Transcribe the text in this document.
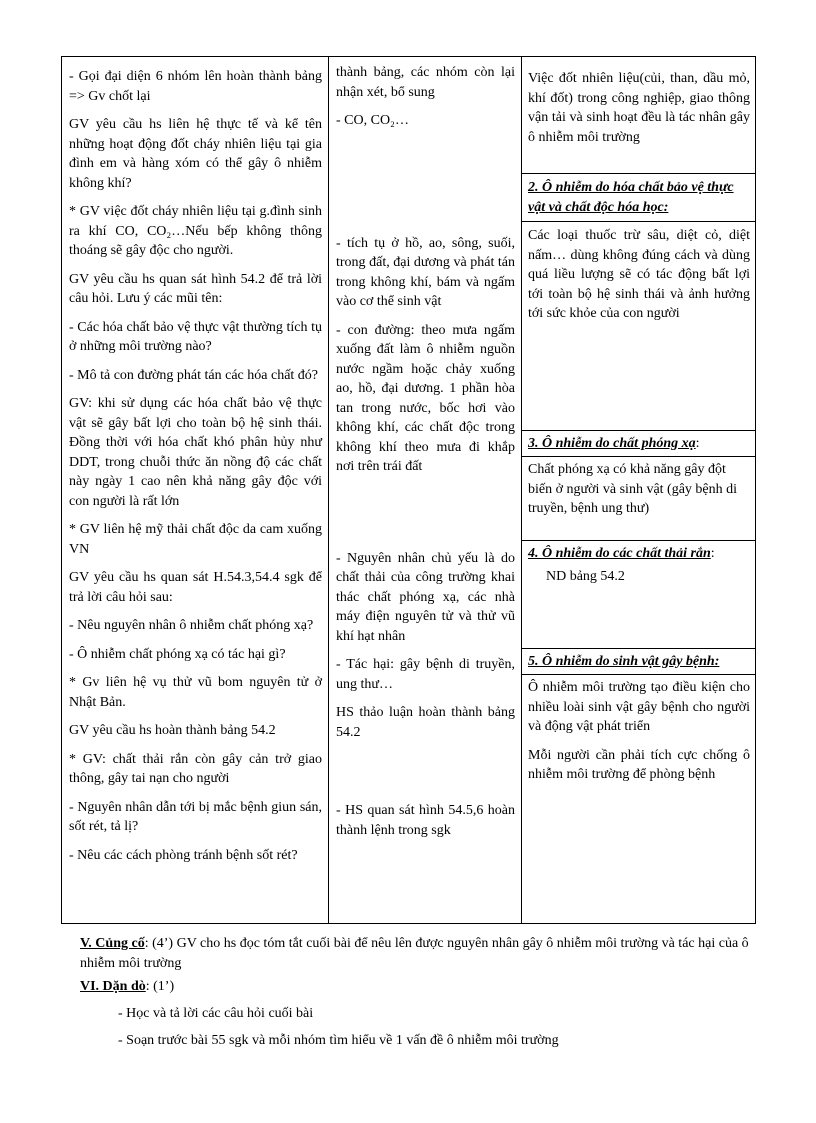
- Gọi đại diện 6 nhóm lên hoàn thành bảng => Gv chốt lại

GV yêu cầu hs liên hệ thực tế và kể tên những hoạt động đốt cháy nhiên liệu tại gia đình em và hàng xóm có thể gây ô nhiễm không khí?

* GV việc đốt cháy nhiên liệu tại g.đình sinh ra khí CO, CO₂…Nếu bếp không thông thoáng sẽ gây độc cho người.

GV yêu cầu hs quan sát hình 54.2 để trả lời câu hỏi. Lưu ý các mũi tên:

- Các hóa chất bảo vệ thực vật thường tích tụ ở những môi trường nào?

- Mô tả con đường phát tán các hóa chất đó?

GV: khi sử dụng các hóa chất bảo vệ thực vật sẽ gây bất lợi cho toàn bộ hệ sinh thái. Đồng thời với hóa chất khó phân hủy như DDT, trong chuỗi thức ăn nồng độ các chất này ngày 1 cao nên khả năng gây độc với con người là rất lớn

* GV liên hệ mỹ thải chất độc da cam xuống VN

GV yêu cầu hs quan sát H.54.3,54.4 sgk để trả lời câu hỏi sau:

- Nêu nguyên nhân ô nhiễm chất phóng xạ?

- Ô nhiễm chất phóng xạ có tác hại gì?

* Gv liên hệ vụ thử vũ bom nguyên tử ở Nhật Bản.

GV yêu cầu hs hoàn thành bảng 54.2

* GV: chất thải rắn còn gây cản trở giao thông, gây tai nạn cho người

- Nguyên nhân dẫn tới bị mắc bệnh giun sán, sốt rét, tả lị?

- Nêu các cách phòng tránh bệnh sốt rét?

thành bảng, các nhóm còn lại nhận xét, bổ sung

- CO, CO₂…

- tích tụ ở hồ, ao, sông, suối, trong đất, đại dương và phát tán trong không khí, bám và ngấm vào cơ thể sinh vật

- con đường: theo mưa ngấm xuống đất làm ô nhiễm nguồn nước ngầm hoặc chảy xuống ao, hồ, đại dương. 1 phần hòa tan trong nước, bốc hơi vào không khí, các chất độc trong không khí theo mưa đi khắp nơi trên trái đất

- Nguyên nhân chủ yếu là do chất thải của công trường khai thác chất phóng xạ, các nhà máy điện nguyên tử và thử vũ khí hạt nhân

- Tác hại: gây bệnh di truyền, ung thư…

HS thảo luận hoàn thành bảng 54.2

- HS quan sát hình 54.5,6 hoàn thành lệnh trong sgk

Việc đốt nhiên liệu(củi, than, dầu mỏ, khí đốt) trong công nghiệp, giao thông vận tải và sinh hoạt đều là tác nhân gây ô nhiễm môi trường

2. Ô nhiễm do hóa chất bảo vệ thực vật và chất độc hóa học:

Các loại thuốc trừ sâu, diệt cỏ, diệt nấm… dùng không đúng cách và dùng quá liều lượng sẽ có tác động bất lợi tới toàn bộ hệ sinh thái và ảnh hưởng tới sức khỏe của con người

3. Ô nhiễm do chất phóng xạ:

Chất phóng xạ có khả năng gây đột biến ở người và sinh vật (gây bệnh di truyền, bệnh ung thư)

4. Ô nhiễm do các chất thải rắn:

ND bảng 54.2

5. Ô nhiễm do sinh vật gây bệnh:

Ô nhiễm môi trường tạo điều kiện cho nhiều loài sinh vật gây bệnh cho người và động vật phát triển

Mỗi người cần phải tích cực chống ô nhiễm môi trường để phòng bệnh

V. Củng cố: (4’) GV cho hs đọc tóm tắt cuối bài để nêu lên được nguyên nhân gây ô nhiễm môi trường và tác hại của ô nhiễm môi trường
VI. Dặn dò: (1’)
- Học và tả lời các câu hỏi cuối bài
- Soạn trước bài 55 sgk và mỗi nhóm tìm hiểu về 1 vấn đề ô nhiễm môi trường
